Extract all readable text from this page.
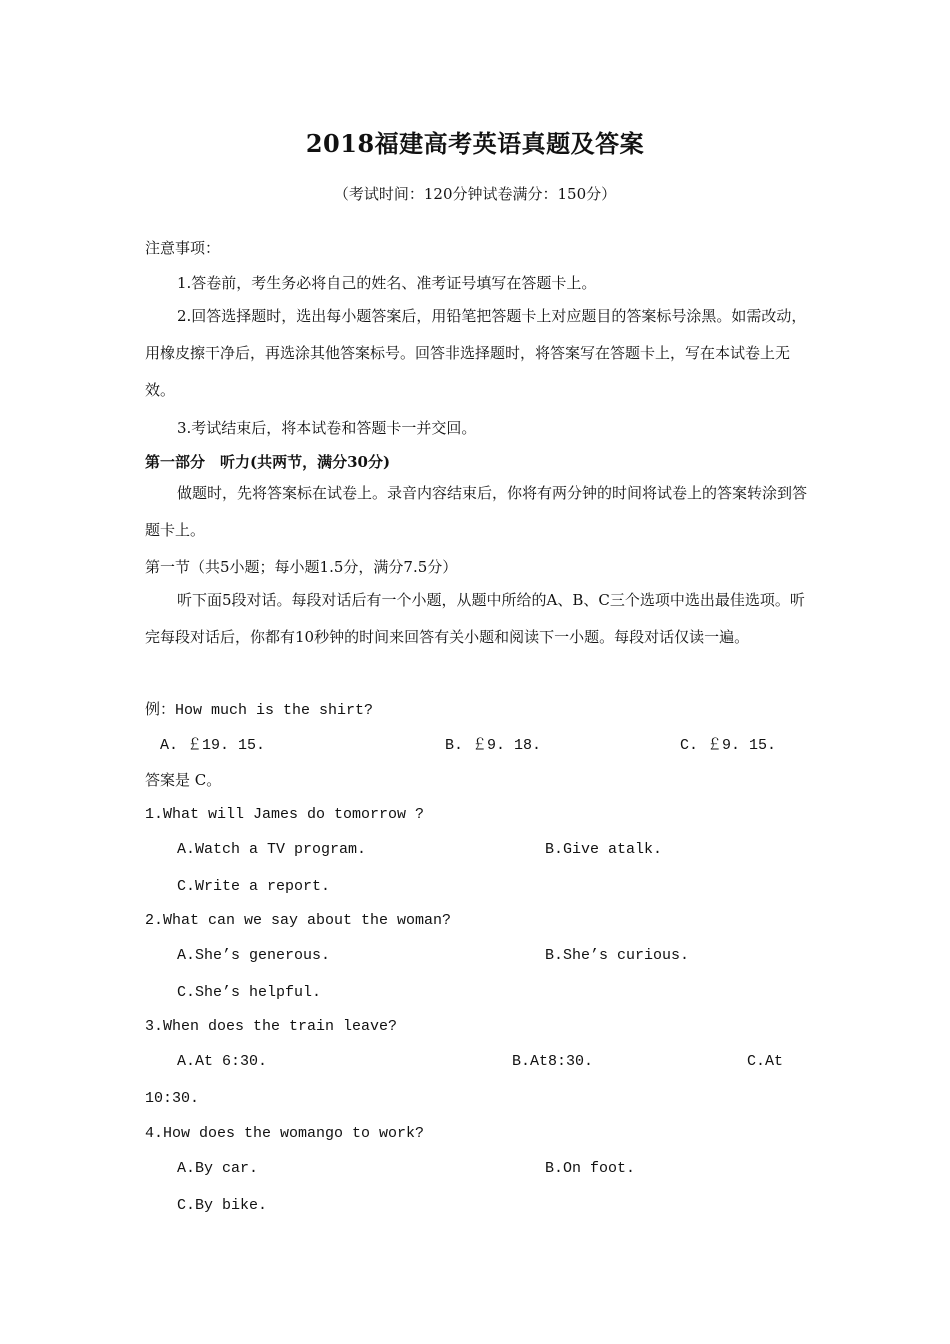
2018福建高考英语真题及答案
（考试时间：120分钟试卷满分：150分）
注意事项：
1.答卷前，考生务必将自己的姓名、准考证号填写在答题卡上。
2.回答选择题时，选出每小题答案后，用铅笔把答题卡上对应题目的答案标号涂黑。如需改动，用橡皮擦干净后，再选涂其他答案标号。回答非选择题时，将答案写在答题卡上，写在本试卷上无效。
3.考试结束后，将本试卷和答题卡一并交回。
第一部分　听力(共两节，满分30分)
做题时，先将答案标在试卷上。录音内容结束后，你将有两分钟的时间将试卷上的答案转涂到答题卡上。
第一节（共5小题；每小题1.5分，满分7.5分）
听下面5段对话。每段对话后有一个小题，从题中所给的A、B、C三个选项中选出最佳选项。听完每段对话后，你都有10秒钟的时间来回答有关小题和阅读下一小题。每段对话仅读一遍。
例：How much is the shirt?
A. ￡19. 15.	B. ￡9. 18.	C. ￡9. 15.
答案是 C。
1.What will James do tomorrow ?
A.Watch a TV program.	B.Give atalk.
C.Write a report.
2.What can we say about the woman?
A.She’s generous.	B.She’s curious.
C.She’s helpful.
3.When does the train leave?
A.At 6:30.	B.At8:30.	C.At
10:30.
4.How does the womango to work?
A.By car.	B.On foot.
C.By bike.
